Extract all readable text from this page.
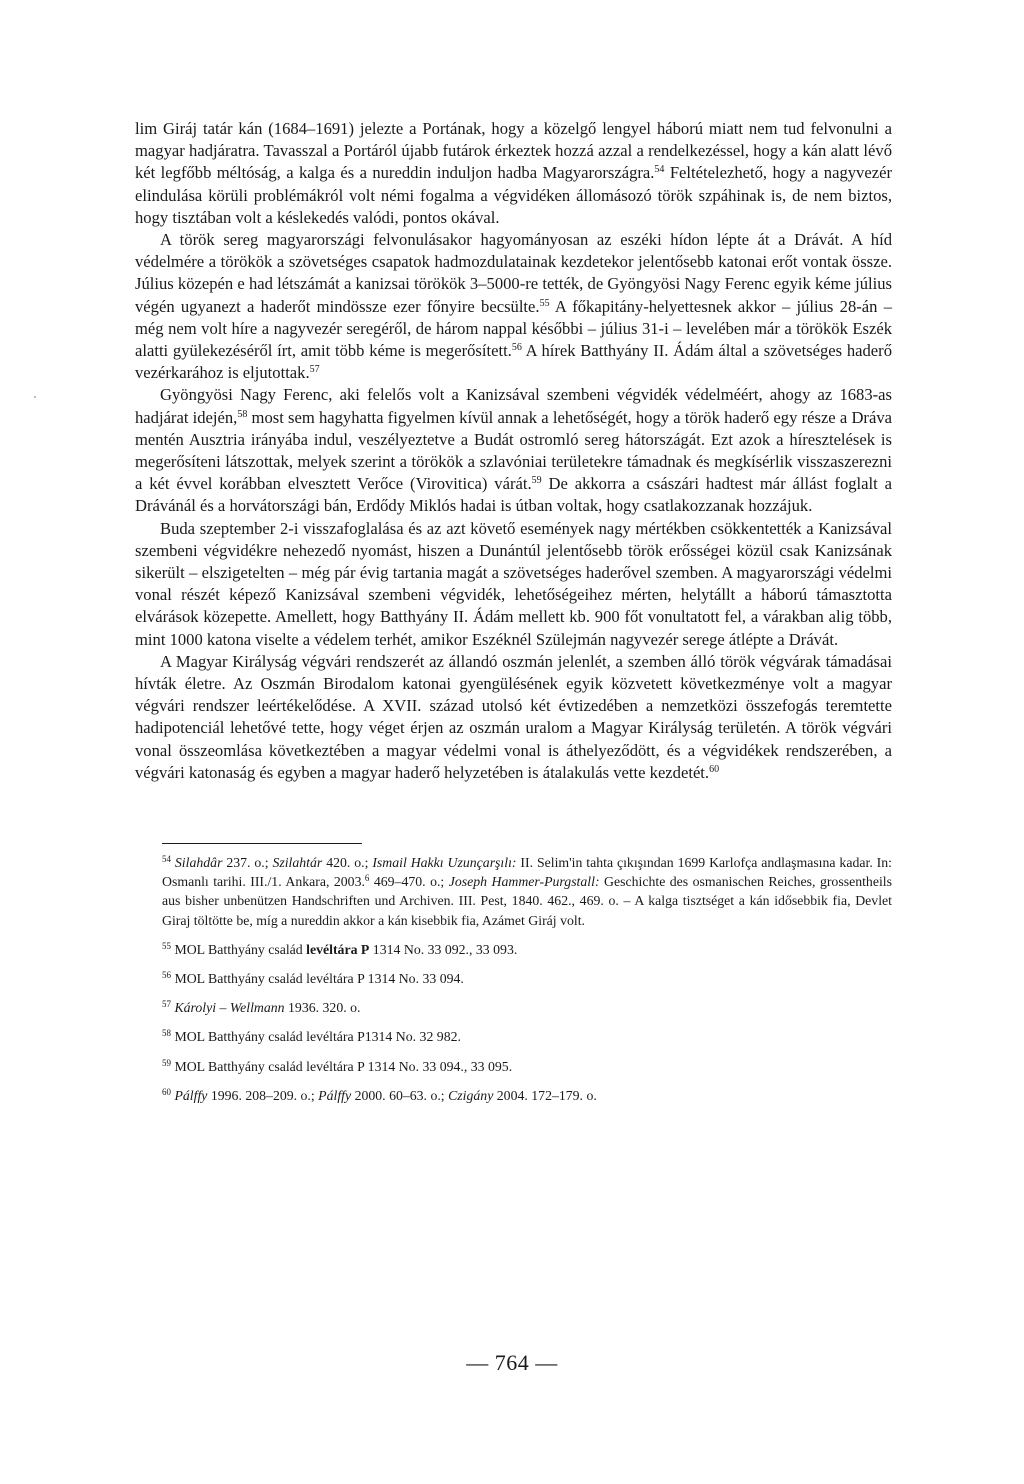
lim Giráj tatár kán (1684–1691) jelezte a Portának, hogy a közelgő lengyel háború miatt nem tud felvonulni a magyar hadjáratra. Tavasszal a Portáról újabb futárok érkeztek hozzá azzal a rendelkezéssel, hogy a kán alatt lévő két legfőbb méltóság, a kalga és a nureddin induljon hadba Magyarországra.$^{54}$ Feltételezhető, hogy a nagyvezér elindulása körüli problémákról volt némi fogalma a végvidéken állomásozó török szpáhinak is, de nem biztos, hogy tisztában volt a késlekedés valódi, pontos okával.

A török sereg magyarországi felvonulásakor hagyományosan az eszéki hídon lépte át a Drávát. A híd védelmére a törökök a szövetséges csapatok hadmozdulatainak kezdetekor jelentősebb katonai erőt vontak össze. Július közepén e had létszámát a kanizsai törökök 3–5000-re tették, de Gyöngyösi Nagy Ferenc egyik kéme július végén ugyanezt a haderőt mindössze ezer főnyire becsülte.$^{55}$ A főkapitány-helyettesnek akkor – július 28-án – még nem volt híre a nagyvezér seregéről, de három nappal későbbi – július 31-i – levelében már a törökök Eszék alatti gyülekezéséről írt, amit több kéme is megerősített.$^{56}$ A hírek Batthyány II. Ádám által a szövetséges haderő vezérkarához is eljutottak.$^{57}$

Gyöngyösi Nagy Ferenc, aki felelős volt a Kanizsával szembeni végvidék védelméért, ahogy az 1683-as hadjárat idején,$^{58}$ most sem hagyhatta figyelmen kívül annak a lehetőségét, hogy a török haderő egy része a Dráva mentén Ausztria irányába indul, veszélyeztetve a Budát ostromló sereg hátországát. Ezt azok a híresztelések is megerősíteni látszottak, melyek szerint a törökök a szlavóniai területekre támadnak és megkísérlik visszaszerezni a két évvel korábban elvesztett Verőce (Virovitica) várát.$^{59}$ De akkorra a császári hadtest már állást foglalt a Drávánál és a horvátországi bán, Erdődy Miklós hadai is útban voltak, hogy csatlakozzanak hozzájuk.

Buda szeptember 2-i visszafoglalása és az azt követő események nagy mértékben csökkentették a Kanizsával szembeni végvidékre nehezedő nyomást, hiszen a Dunántúl jelentősebb török erősségei közül csak Kanizsának sikerült – elszigetelten – még pár évig tartania magát a szövetséges haderővel szemben. A magyarországi védelmi vonal részét képező Kanizsával szembeni végvidék, lehetőségeihez mérten, helytállt a háború támasztotta elvárások közepette. Amellett, hogy Batthyány II. Ádám mellett kb. 900 főt vonultatott fel, a várakban alig több, mint 1000 katona viselte a védelem terhét, amikor Eszéknél Szülejmán nagyvezér serege átlépte a Drávát.

A Magyar Királyság végvári rendszerét az állandó oszmán jelenlét, a szemben álló török végvárak támadásai hívták életre. Az Oszmán Birodalom katonai gyengülésének egyik közvetett következménye volt a magyar végvári rendszer leértékelődése. A XVII. század utolsó két évtizedében a nemzetközi összefogás teremtette hadipotenciál lehetővé tette, hogy véget érjen az oszmán uralom a Magyar Királyság területén. A török végvári vonal összeomlása következtében a magyar védelmi vonal is áthelyeződött, és a végvidékek rendszerében, a végvári katonaság és egyben a magyar haderő helyzetében is átalakulás vette kezdetét.$^{60}$

$^{54}$ Silahdâr 237. o.; Szilahtár 420. o.; Ismail Hakkı Uzunçarşılı: II. Selim'in tahta çıkışından 1699 Karlofça andlaşmasına kadar. In: Osmanlı tarihi. III./1. Ankara, 2003.$^6$ 469–470. o.; Joseph Hammer-Purgstall: Geschichte des osmanischen Reiches, grossentheils aus bisher unbenützen Handschriften und Archiven. III. Pest, 1840. 462., 469. o. – A kalga tisztséget a kán idősebbik fia, Devlet Giraj töltötte be, míg a nureddin akkor a kán kisebbik fia, Azámet Giráj volt.

$^{55}$ MOL Batthyány család levéltára P 1314 No. 33 092., 33 093.

$^{56}$ MOL Batthyány család levéltára P 1314 No. 33 094.

$^{57}$ Károlyi – Wellmann 1936. 320. o.

$^{58}$ MOL Batthyány család levéltára P1314 No. 32 982.

$^{59}$ MOL Batthyány család levéltára P 1314 No. 33 094., 33 095.

$^{60}$ Pálffy 1996. 208–209. o.; Pálffy 2000. 60–63. o.; Czigány 2004. 172–179. o.

— 764 —
